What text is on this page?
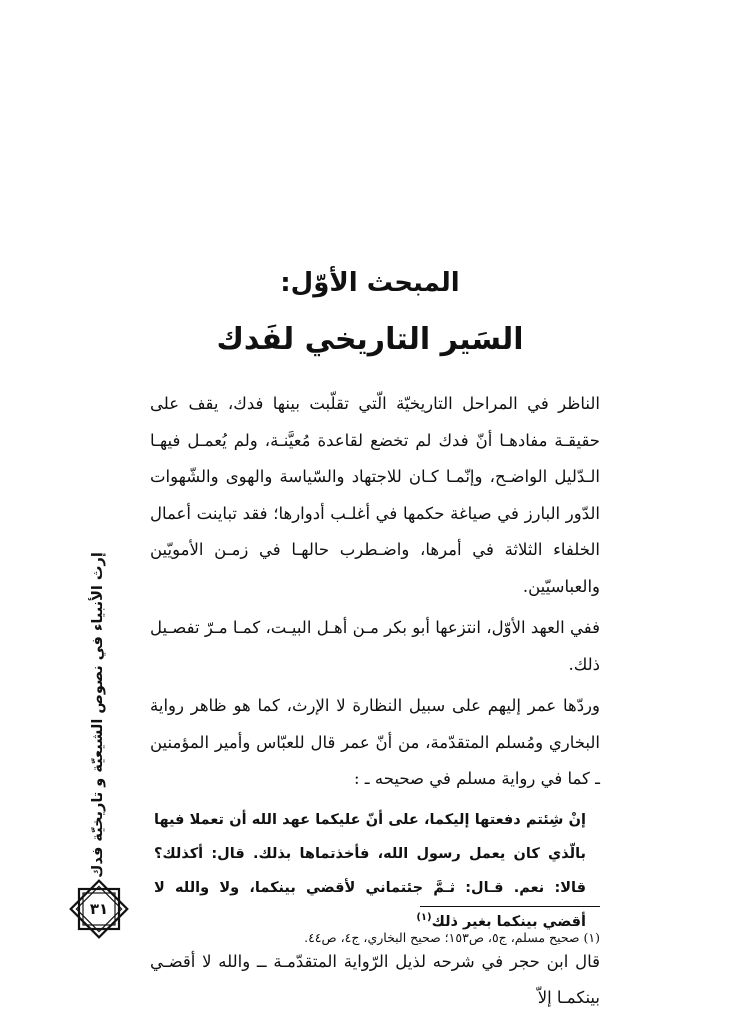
المبحث الأوّل:
السَير التاريخي لفَدك

الناظر في المراحل التاريخيّة الّتي تقلّبت بينها فدك، يقف على حقيقـة مفادهـا أنّ فدك لم تخضع لقاعدة مُعيَّنـة، ولم يُعمـل فيهـا الـدّليل الواضـح، وإنّمـا كـان للاجتهاد والسّياسة والهوى والشّهوات الدّور البارز في صياغة حكمها في أغلـب أدوارها؛ فقد تباينت أعمال الخلفاء الثلاثة في أمرها، واضـطرب حالهـا في زمـن الأمويّين والعباسيّين.

ففي العهد الأوّل، انتزعها أبو بكر مـن أهـل البيـت، كمـا مـرّ تفصـيل ذلك.

وردّها عمر إليهم على سبيل النظارة لا الإرث، كما هو ظاهر رواية البخاري ومُسلم المتقدّمة، من أنّ عمر قال للعبّاس وأمير المؤمنين ـ كما في رواية مسلم في صحيحه ـ :

إنْ شِئتم دفعتها إليكما، على أنّ عليكما عهد الله أن تعملا فيها بالّذي كان يعمل رسول الله، فأخذتماها بذلك. قال: أكذلك؟ قالا: نعم. قـال: ثـمَّ جئتماني لأقضي بينكما، ولا والله لا أقضي بينكما بغير ذلك$^{(١)}$

قال ابن حجر في شرحه لذيل الرّواية المتقدّمـة ــ والله لا أقضـي بينكمـا إلاّ

(١) صحيح مسلم، ج٥، ص١٥٣؛ صحيح البخاري، ج٤، ص٤٤.
إرث الأنبياء في نصوص الشيعيّة و تاريخيّة فدك
٣١
